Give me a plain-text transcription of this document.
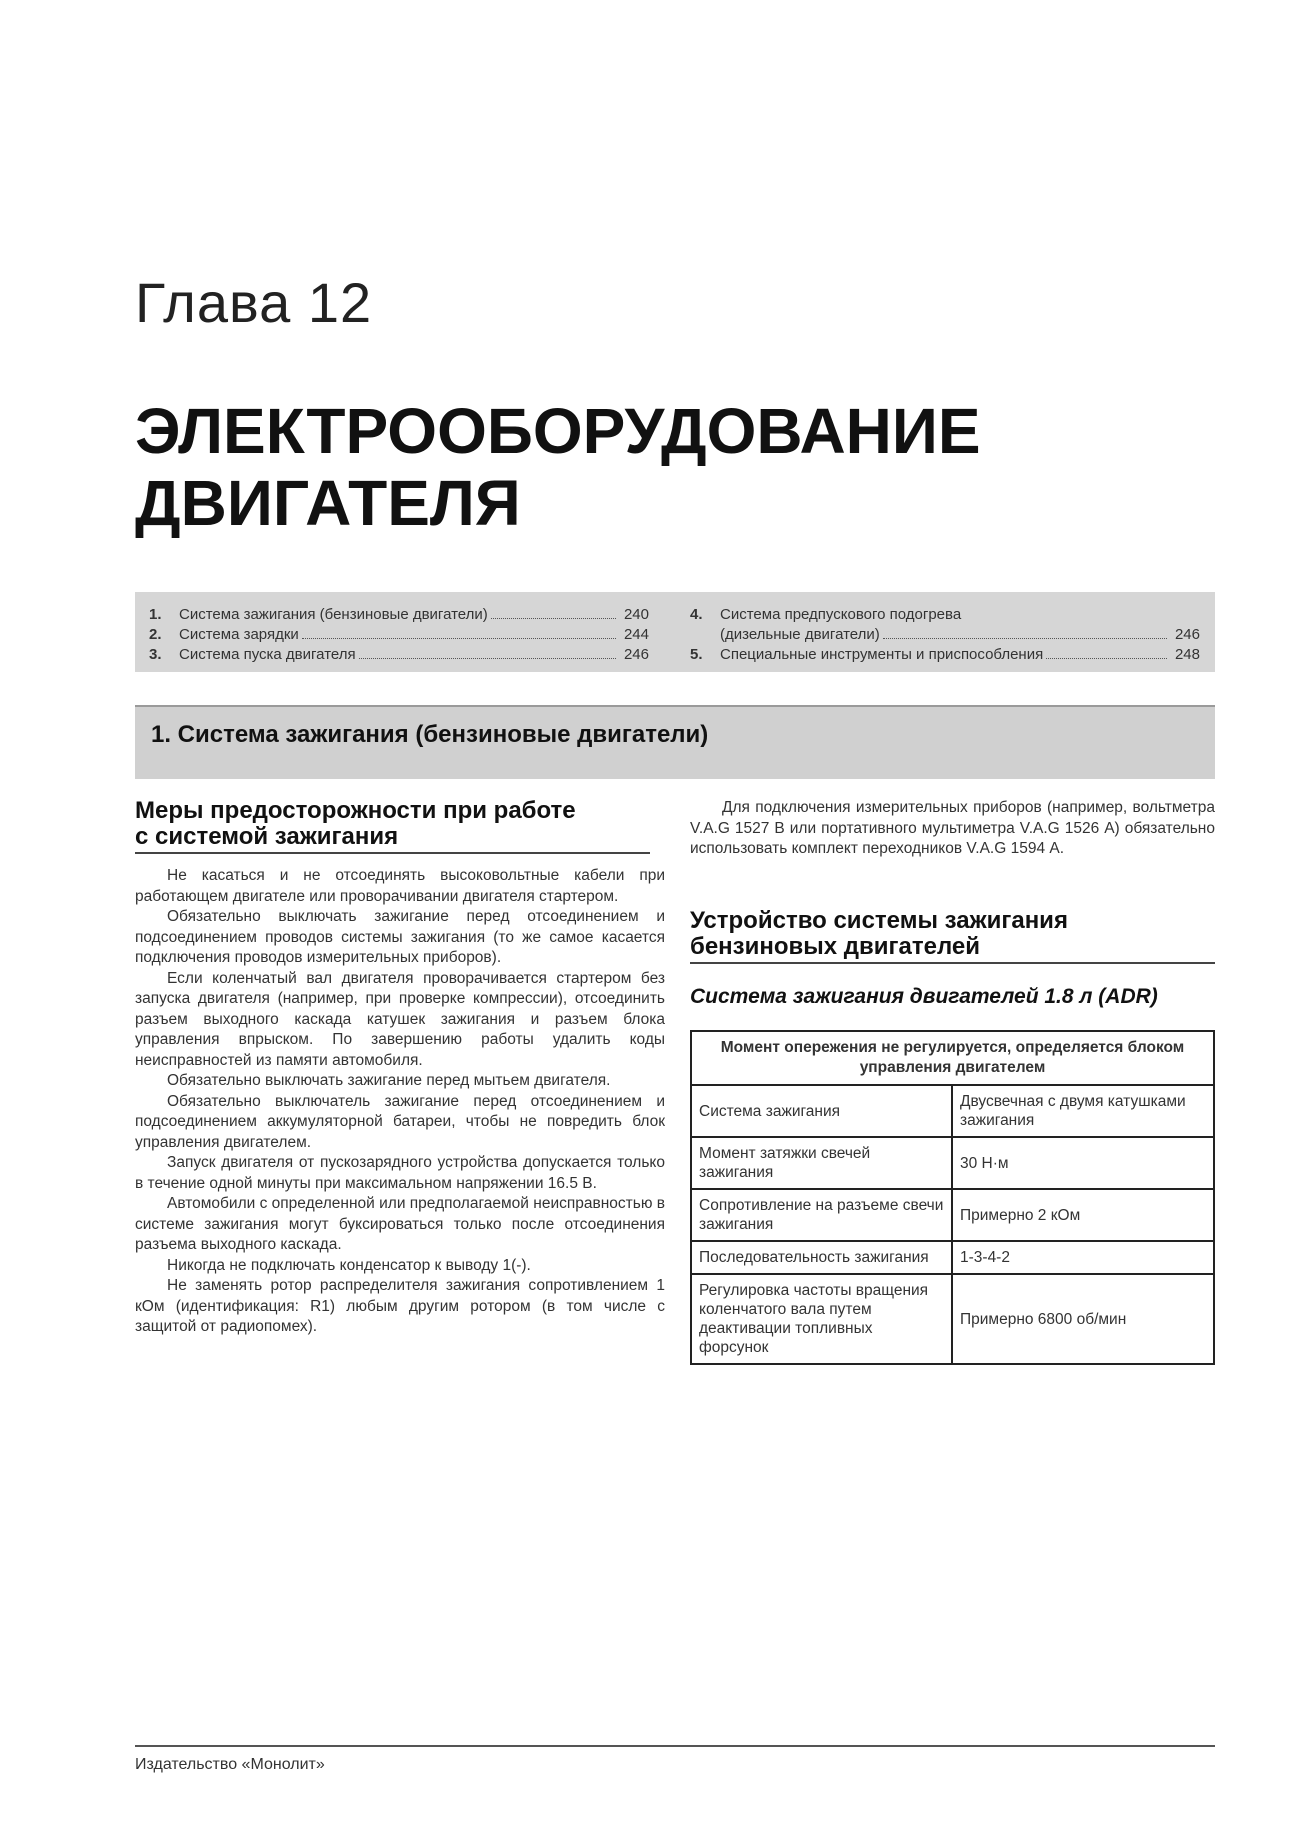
Глава 12
ЭЛЕКТРООБОРУДОВАНИЕ
ДВИГАТЕЛЯ
1.	Система зажигания (бензиновые двигатели)	240
2.	Система зарядки	244
3.	Система пуска двигателя	246
4.	Система предпускового подогрева
(дизельные двигатели)	246
5.	Специальные инструменты и приспособления	248
1. Система зажигания (бензиновые двигатели)
Меры предосторожности при работе
с системой зажигания

Не касаться и не отсоединять высоковольтные кабели при работающем двигателе или проворачивании двигателя стартером.

Обязательно выключать зажигание перед отсоединением и подсоединением проводов системы зажигания (то же самое касается подключения проводов измерительных приборов).

Если коленчатый вал двигателя проворачивается стартером без запуска двигателя (например, при проверке компрессии), отсоединить разъем выходного каскада катушек зажигания и разъем блока управления впрыском. По завершению работы удалить коды неисправностей из памяти автомобиля.

Обязательно выключать зажигание перед мытьем двигателя.

Обязательно выключатель зажигание перед отсоединением и подсоединением аккумуляторной батареи, чтобы не повредить блок управления двигателем.

Запуск двигателя от пускозарядного устройства допускается только в течение одной минуты при максимальном напряжении 16.5 В.

Автомобили с определенной или предполагаемой неисправностью в системе зажигания могут буксироваться только после отсоединения разъема выходного каскада.

Никогда не подключать конденсатор к выводу 1(-).

Не заменять ротор распределителя зажигания сопротивлением 1 кОм (идентификация: R1) любым другим ротором (в том числе с защитой от радиопомех).

Для подключения измерительных приборов (например, вольтметра V.A.G 1527 В или портативного мультиметра V.A.G 1526 А) обязательно использовать комплект переходников V.A.G 1594 А.

Устройство системы зажигания
бензиновых двигателей
Система зажигания двигателей 1.8 л (ADR)
Момент опережения не регулируется, определяется блоком управления двигателем	
Система зажигания	Двусвечная с двумя катушками зажигания
Момент затяжки свечей зажигания	30 Н·м
Сопротивление на разъеме свечи зажигания	Примерно 2 кОм
Последовательность зажигания	1-3-4-2
Регулировка частоты вращения коленчатого вала путем деактивации топливных форсунок	Примерно 6800 об/мин
Издательство «Монолит»
